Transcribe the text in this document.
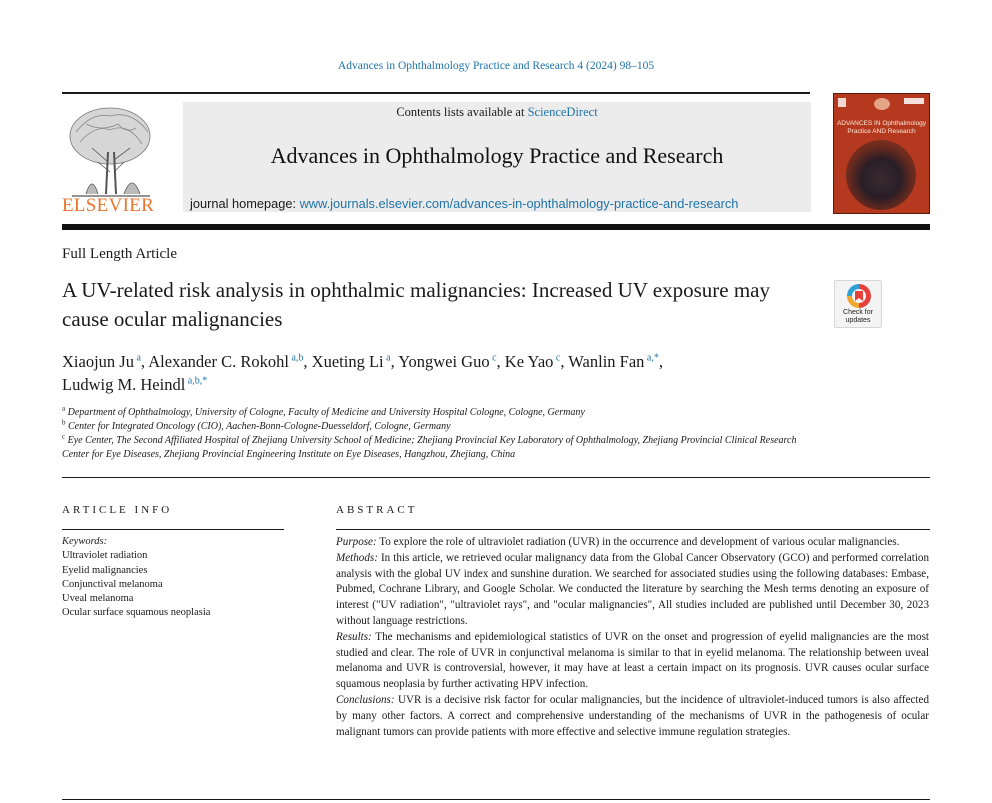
Advances in Ophthalmology Practice and Research 4 (2024) 98–105
ELSEVIER
Contents lists available at ScienceDirect
Advances in Ophthalmology Practice and Research
journal homepage: www.journals.elsevier.com/advances-in-ophthalmology-practice-and-research
ADVANCES IN Ophthalmology Practice AND Research
Full Length Article
A UV-related risk analysis in ophthalmic malignancies: Increased UV exposure may cause ocular malignancies	Check for updates
Xiaojun Ju $^a$, Alexander C. Rokohl $^{a,b}$, Xueting Li $^a$, Yongwei Guo $^c$, Ke Yao $^c$, Wanlin Fan $^{a,*}$,
Ludwig M. Heindl $^{a,b,*}$
$^a$ Department of Ophthalmology, University of Cologne, Faculty of Medicine and University Hospital Cologne, Cologne, Germany
$^b$ Center for Integrated Oncology (CIO), Aachen-Bonn-Cologne-Duesseldorf, Cologne, Germany
$^c$ Eye Center, The Second Affiliated Hospital of Zhejiang University School of Medicine; Zhejiang Provincial Key Laboratory of Ophthalmology, Zhejiang Provincial Clinical Research Center for Eye Diseases, Zhejiang Provincial Engineering Institute on Eye Diseases, Hangzhou, Zhejiang, China
ARTICLE INFO
Keywords:
Ultraviolet radiation
Eyelid malignancies
Conjunctival melanoma
Uveal melanoma
Ocular surface squamous neoplasia
ABSTRACT
Purpose: To explore the role of ultraviolet radiation (UVR) in the occurrence and development of various ocular malignancies.
Methods: In this article, we retrieved ocular malignancy data from the Global Cancer Observatory (GCO) and performed correlation analysis with the global UV index and sunshine duration. We searched for associated studies using the following databases: Embase, Pubmed, Cochrane Library, and Google Scholar. We conducted the literature by searching the Mesh terms denoting an exposure of interest ("UV radiation", "ultraviolet rays", and "ocular malignancies", All studies included are published until December 30, 2023 without language restrictions.
Results: The mechanisms and epidemiological statistics of UVR on the onset and progression of eyelid malignancies are the most studied and clear. The role of UVR in conjunctival melanoma is similar to that in eyelid melanoma. The relationship between uveal melanoma and UVR is controversial, however, it may have at least a certain impact on its prognosis. UVR causes ocular surface squamous neoplasia by further activating HPV infection.
Conclusions: UVR is a decisive risk factor for ocular malignancies, but the incidence of ultraviolet-induced tumors is also affected by many other factors. A correct and comprehensive understanding of the mechanisms of UVR in the pathogenesis of ocular malignant tumors can provide patients with more effective and selective immune regulation strategies.
